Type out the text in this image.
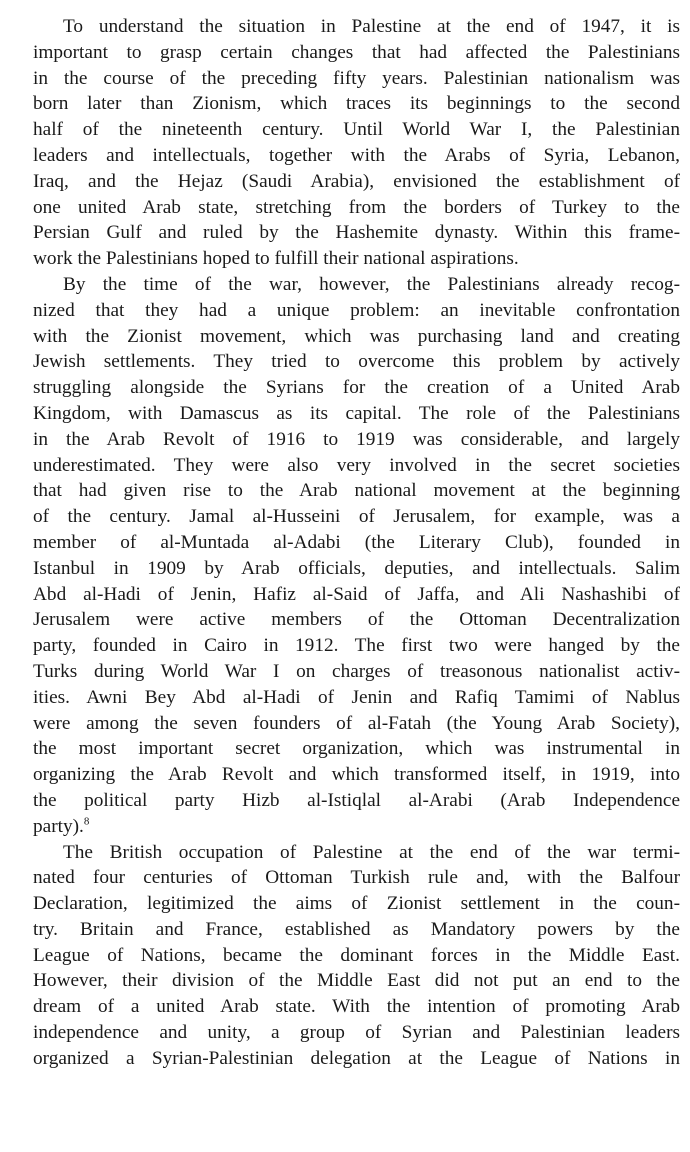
To understand the situation in Palestine at the end of 1947, it is
important to grasp certain changes that had affected the Palestinians
in the course of the preceding fifty years. Palestinian nationalism was
born later than Zionism, which traces its beginnings to the second
half of the nineteenth century. Until World War I, the Palestinian
leaders and intellectuals, together with the Arabs of Syria, Lebanon,
Iraq, and the Hejaz (Saudi Arabia), envisioned the establishment of
one united Arab state, stretching from the borders of Turkey to the
Persian Gulf and ruled by the Hashemite dynasty. Within this frame-
work the Palestinians hoped to fulfill their national aspirations.

By the time of the war, however, the Palestinians already recog-
nized that they had a unique problem: an inevitable confrontation
with the Zionist movement, which was purchasing land and creating
Jewish settlements. They tried to overcome this problem by actively
struggling alongside the Syrians for the creation of a United Arab
Kingdom, with Damascus as its capital. The role of the Palestinians
in the Arab Revolt of 1916 to 1919 was considerable, and largely
underestimated. They were also very involved in the secret societies
that had given rise to the Arab national movement at the beginning
of the century. Jamal al-Husseini of Jerusalem, for example, was a
member of al-Muntada al-Adabi (the Literary Club), founded in
Istanbul in 1909 by Arab officials, deputies, and intellectuals. Salim
Abd al-Hadi of Jenin, Hafiz al-Said of Jaffa, and Ali Nashashibi of
Jerusalem were active members of the Ottoman Decentralization
party, founded in Cairo in 1912. The first two were hanged by the
Turks during World War I on charges of treasonous nationalist activ-
ities. Awni Bey Abd al-Hadi of Jenin and Rafiq Tamimi of Nablus
were among the seven founders of al-Fatah (the Young Arab Society),
the most important secret organization, which was instrumental in
organizing the Arab Revolt and which transformed itself, in 1919, into
the political party Hizb al-Istiqlal al-Arabi (Arab Independence
party).$^8$

The British occupation of Palestine at the end of the war termi-
nated four centuries of Ottoman Turkish rule and, with the Balfour
Declaration, legitimized the aims of Zionist settlement in the coun-
try. Britain and France, established as Mandatory powers by the
League of Nations, became the dominant forces in the Middle East.
However, their division of the Middle East did not put an end to the
dream of a united Arab state. With the intention of promoting Arab
independence and unity, a group of Syrian and Palestinian leaders
organized a Syrian-Palestinian delegation at the League of Nations in
